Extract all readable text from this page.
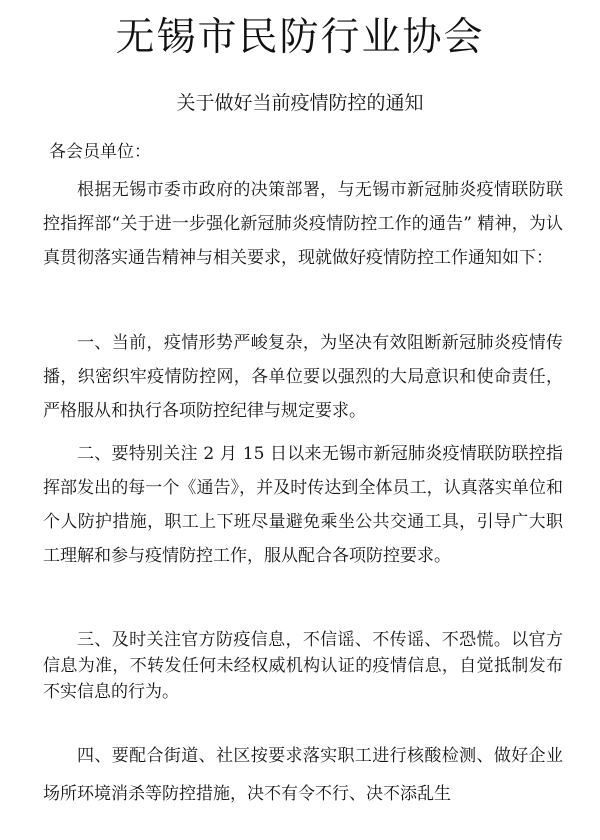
无锡市民防行业协会
关于做好当前疫情防控的通知
各会员单位：

根据无锡市委市政府的决策部署，与无锡市新冠肺炎疫情联防联控指挥部“关于进一步强化新冠肺炎疫情防控工作的通告” 精神，为认真贯彻落实通告精神与相关要求，现就做好疫情防控工作通知如下：

一、当前，疫情形势严峻复杂，为坚决有效阻断新冠肺炎疫情传播，织密织牢疫情防控网，各单位要以强烈的大局意识和使命责任，严格服从和执行各项防控纪律与规定要求。

二、要特别关注 2 月 15 日以来无锡市新冠肺炎疫情联防联控指挥部发出的每一个《通告》，并及时传达到全体员工，认真落实单位和个人防护措施，职工上下班尽量避免乘坐公共交通工具，引导广大职工理解和参与疫情防控工作，服从配合各项防控要求。

三、及时关注官方防疫信息，不信谣、不传谣、不恐慌。以官方信息为准，不转发任何未经权威机构认证的疫情信息，自觉抵制发布不实信息的行为。

四、要配合街道、社区按要求落实职工进行核酸检测、做好企业场所环境消杀等防控措施，决不有令不行、决不添乱生
